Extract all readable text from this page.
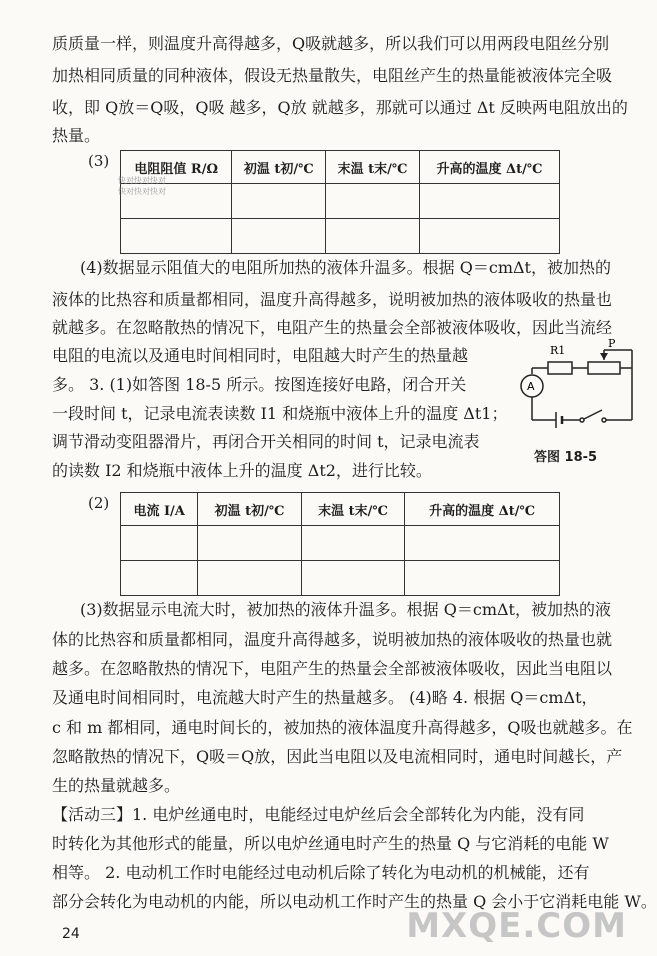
质质量一样，则温度升高得越多，Q吸就越多，所以我们可以用两段电阻丝分别
加热相同质量的同种液体，假设无热量散失，电阻丝产生的热量能被液体完全吸
收，即 Q放＝Q吸，Q吸 越多，Q放 就越多，那就可以通过 Δt 反映两电阻放出的
热量。
(3) 电阻阻值 R/Ω	初温 t初/℃	末温 t末/℃	升高的温度 Δt/℃

快对快对快对
快对快对快对
(4)数据显示阻值大的电阻所加热的液体升温多。根据 Q＝cmΔt，被加热的
液体的比热容和质量都相同，温度升高得越多，说明被加热的液体吸收的热量也
就越多。在忽略散热的情况下，电阻产生的热量会全部被液体吸收，因此当流经
电阻的电流以及通电时间相同时，电阻越大时产生的热量越
多。 3. (1)如答图 18-5 所示。按图连接好电路，闭合开关
一段时间 t，记录电流表读数 I1 和烧瓶中液体上升的温度 Δt1；
调节滑动变阻器滑片，再闭合开关相同的时间 t，记录电流表
的读数 I2 和烧瓶中液体上升的温度 Δt2，进行比较。
R1
P
A
答图 18-5
(2) 电流 I/A	初温 t初/℃	末温 t末/℃	升高的温度 Δt/℃

(3)数据显示电流大时，被加热的液体升温多。根据 Q＝cmΔt，被加热的液
体的比热容和质量都相同，温度升高得越多，说明被加热的液体吸收的热量也就
越多。在忽略散热的情况下，电阻产生的热量会全部被液体吸收，因此当电阻以
及通电时间相同时，电流越大时产生的热量越多。 (4)略 4. 根据 Q＝cmΔt，
c 和 m 都相同，通电时间长的，被加热的液体温度升高得越多，Q吸也就越多。在
忽略散热的情况下，Q吸＝Q放，因此当电阻以及电流相同时，通电时间越长，产
生的热量就越多。
【活动三】1. 电炉丝通电时，电能经过电炉丝后会全部转化为内能，没有同
时转化为其他形式的能量，所以电炉丝通电时产生的热量 Q 与它消耗的电能 W
相等。 2. 电动机工作时电能经过电动机后除了转化为电动机的机械能，还有
部分会转化为电动机的内能，所以电动机工作时产生的热量 Q 会小于它消耗电能 W。
24	MXQE.COM
